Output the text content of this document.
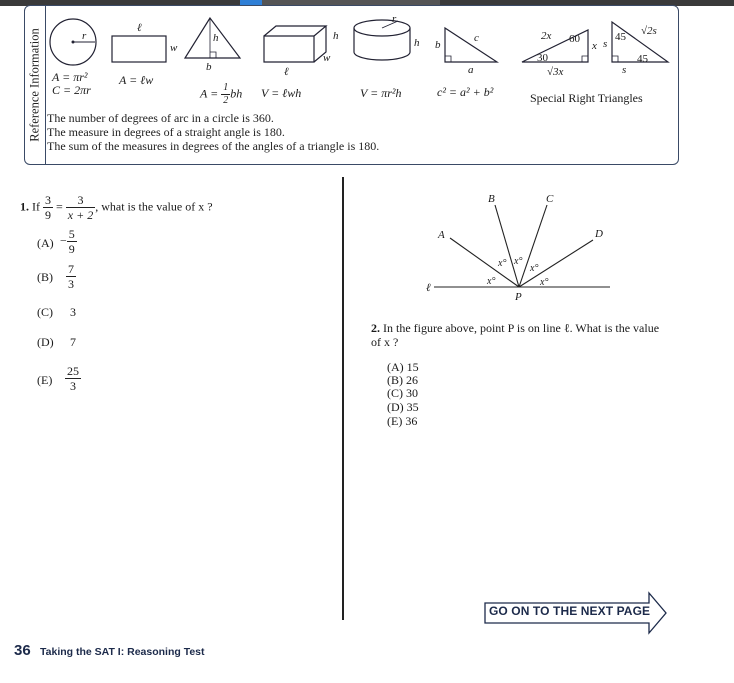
Reference Information	r
A = πr²
C = 2πr
ℓ
w
A = ℓw
h
b
$A = \frac{1}{2}$ bh
h
w
ℓ
V = ℓwh
r
h
V = πr²h
b
c
a
c² = a² + b²
2x 60
30
x
√3x
45
45
s
s
√2s
Special Right Triangles
The number of degrees of arc in a circle is 360.
The measure in degrees of a straight angle is 180.
The sum of the measures in degrees of the angles of a triangle is 180.
1. If $\frac{3}{9} = \frac{3}{x + 2}$ , what is the value of x ?
$(A) - \frac{5}{9}$
$(B) \frac{7}{3}$
(C) 3
(D) 7
$(E) \frac{25}{3}$
A
B	C
D
P
ℓ
x°
x° x°
x°
x°
2. In the figure above, point P is on line ℓ. What is the value of x ?
(A) 15
(B) 26
(C) 30
(D) 35
(E) 36
GO ON TO THE NEXT PAGE
36 Taking the SAT I: Reasoning Test
